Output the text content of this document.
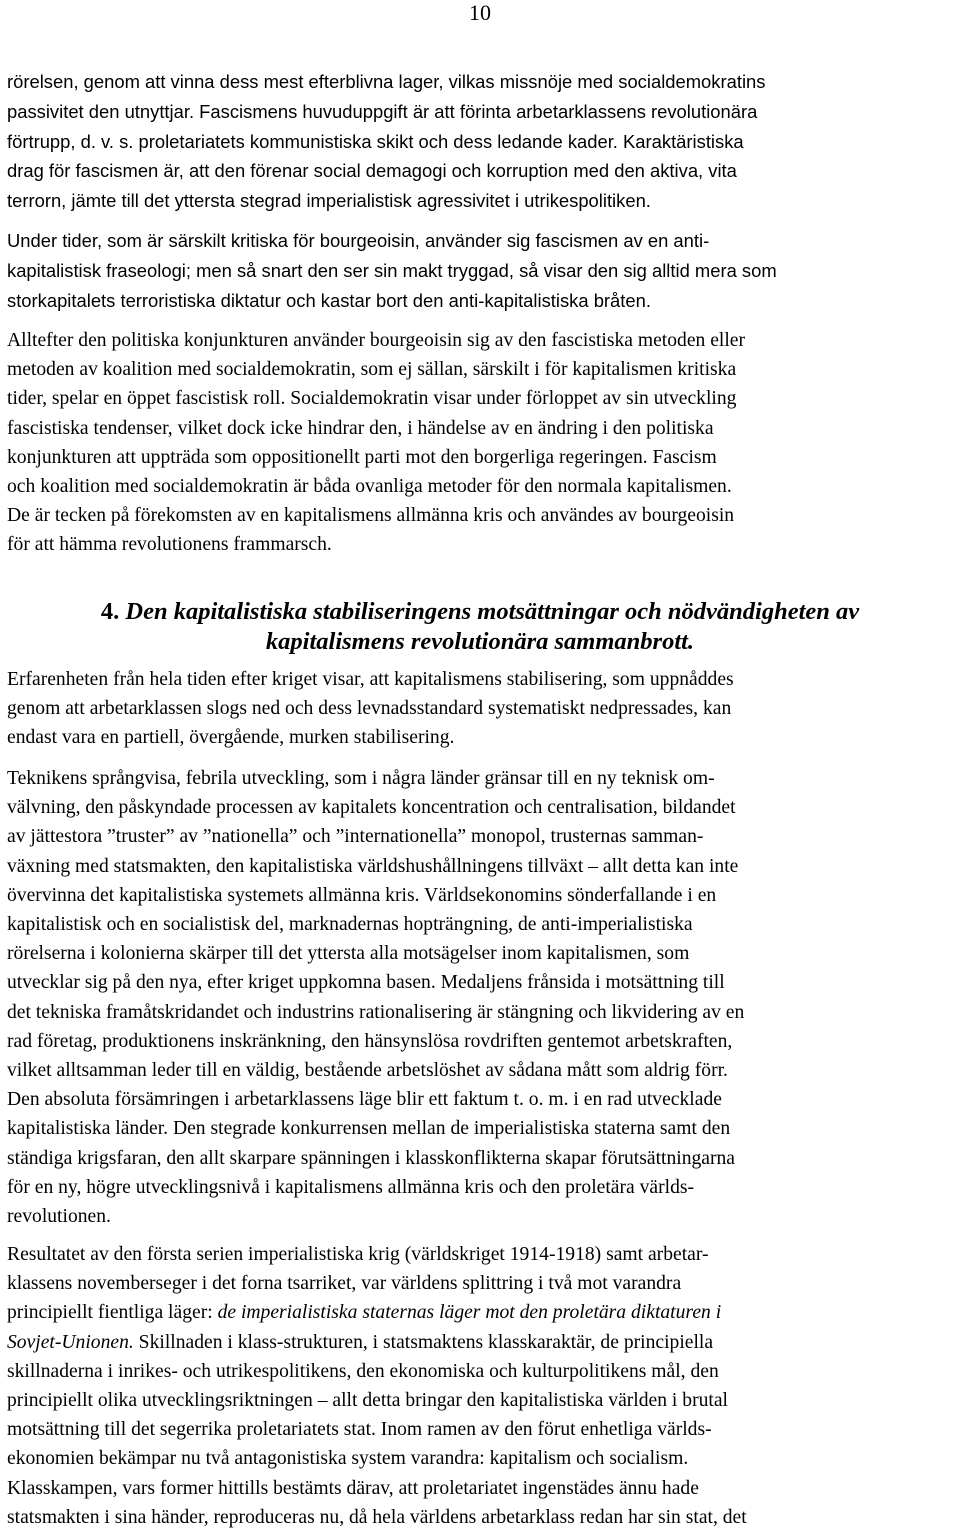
10

rörelsen, genom att vinna dess mest efterblivna lager, vilkas missnöje med socialdemokratins
passivitet den utnyttjar. Fascismens huvuduppgift är att förinta arbetarklassens revolutionära
förtrupp, d. v. s. proletariatets kommunistiska skikt och dess ledande kader. Karaktäristiska
drag för fascismen är, att den förenar social demagogi och korruption med den aktiva, vita
terrorn, jämte till det yttersta stegrad imperialistisk agressivitet i utrikespolitiken.

Under tider, som är särskilt kritiska för bourgeoisin, använder sig fascismen av en anti-
kapitalistisk fraseologi; men så snart den ser sin makt tryggad, så visar den sig alltid mera som
storkapitalets terroristiska diktatur och kastar bort den anti-kapitalistiska bråten.

Alltefter den politiska konjunkturen använder bourgeoisin sig av den fascistiska metoden eller
metoden av koalition med socialdemokratin, som ej sällan, särskilt i för kapitalismen kritiska
tider, spelar en öppet fascistisk roll. Socialdemokratin visar under förloppet av sin utveckling
fascistiska tendenser, vilket dock icke hindrar den, i händelse av en ändring i den politiska
konjunkturen att uppträda som oppositionellt parti mot den borgerliga regeringen. Fascism
och koalition med socialdemokratin är båda ovanliga metoder för den normala kapitalismen.
De är tecken på förekomsten av en kapitalismens allmänna kris och användes av bourgeoisin
för att hämma revolutionens frammarsch.

4. Den kapitalistiska stabiliseringens motsättningar och nödvändigheten av
kapitalismens revolutionära sammanbrott.

Erfarenheten från hela tiden efter kriget visar, att kapitalismens stabilisering, som uppnåddes
genom att arbetarklassen slogs ned och dess levnadsstandard systematiskt nedpressades, kan
endast vara en partiell, övergående, murken stabilisering.

Teknikens språngvisa, febrila utveckling, som i några länder gränsar till en ny teknisk om-
välvning, den påskyndade processen av kapitalets koncentration och centralisation, bildandet
av jättestora ”truster” av ”nationella” och ”internationella” monopol, trusternas samman-
växning med statsmakten, den kapitalistiska världshushållningens tillväxt – allt detta kan inte
övervinna det kapitalistiska systemets allmänna kris. Världsekonomins sönderfallande i en
kapitalistisk och en socialistisk del, marknadernas hopträngning, de anti-imperialistiska
rörelserna i kolonierna skärper till det yttersta alla motsägelser inom kapitalismen, som
utvecklar sig på den nya, efter kriget uppkomna basen. Medaljens frånsida i motsättning till
det tekniska framåtskridandet och industrins rationalisering är stängning och likvidering av en
rad företag, produktionens inskränkning, den hänsynslösa rovdriften gentemot arbetskraften,
vilket alltsamman leder till en väldig, bestående arbetslöshet av sådana mått som aldrig förr.
Den absoluta försämringen i arbetarklassens läge blir ett faktum t. o. m. i en rad utvecklade
kapitalistiska länder. Den stegrade konkurrensen mellan de imperialistiska staterna samt den
ständiga krigsfaran, den allt skarpare spänningen i klasskonflikterna skapar förutsättningarna
för en ny, högre utvecklingsnivå i kapitalismens allmänna kris och den proletära världs-
revolutionen.

Resultatet av den första serien imperialistiska krig (världskriget 1914-1918) samt arbetar-
klassens novemberseger i det forna tsarriket, var världens splittring i två mot varandra
principiellt fientliga läger: de imperialistiska staternas läger mot den proletära diktaturen i
Sovjet-Unionen. Skillnaden i klass-strukturen, i statsmaktens klasskaraktär, de principiella
skillnaderna i inrikes- och utrikespolitikens, den ekonomiska och kulturpolitikens mål, den
principiellt olika utvecklingsriktningen – allt detta bringar den kapitalistiska världen i brutal
motsättning till det segerrika proletariatets stat. Inom ramen av den förut enhetliga världs-
ekonomien bekämpar nu två antagonistiska system varandra: kapitalism och socialism.
Klasskampen, vars former hittills bestämts därav, att proletariatet ingenstädes ännu hade
statsmakten i sina händer, reproduceras nu, då hela världens arbetarklass redan har sin stat, det
